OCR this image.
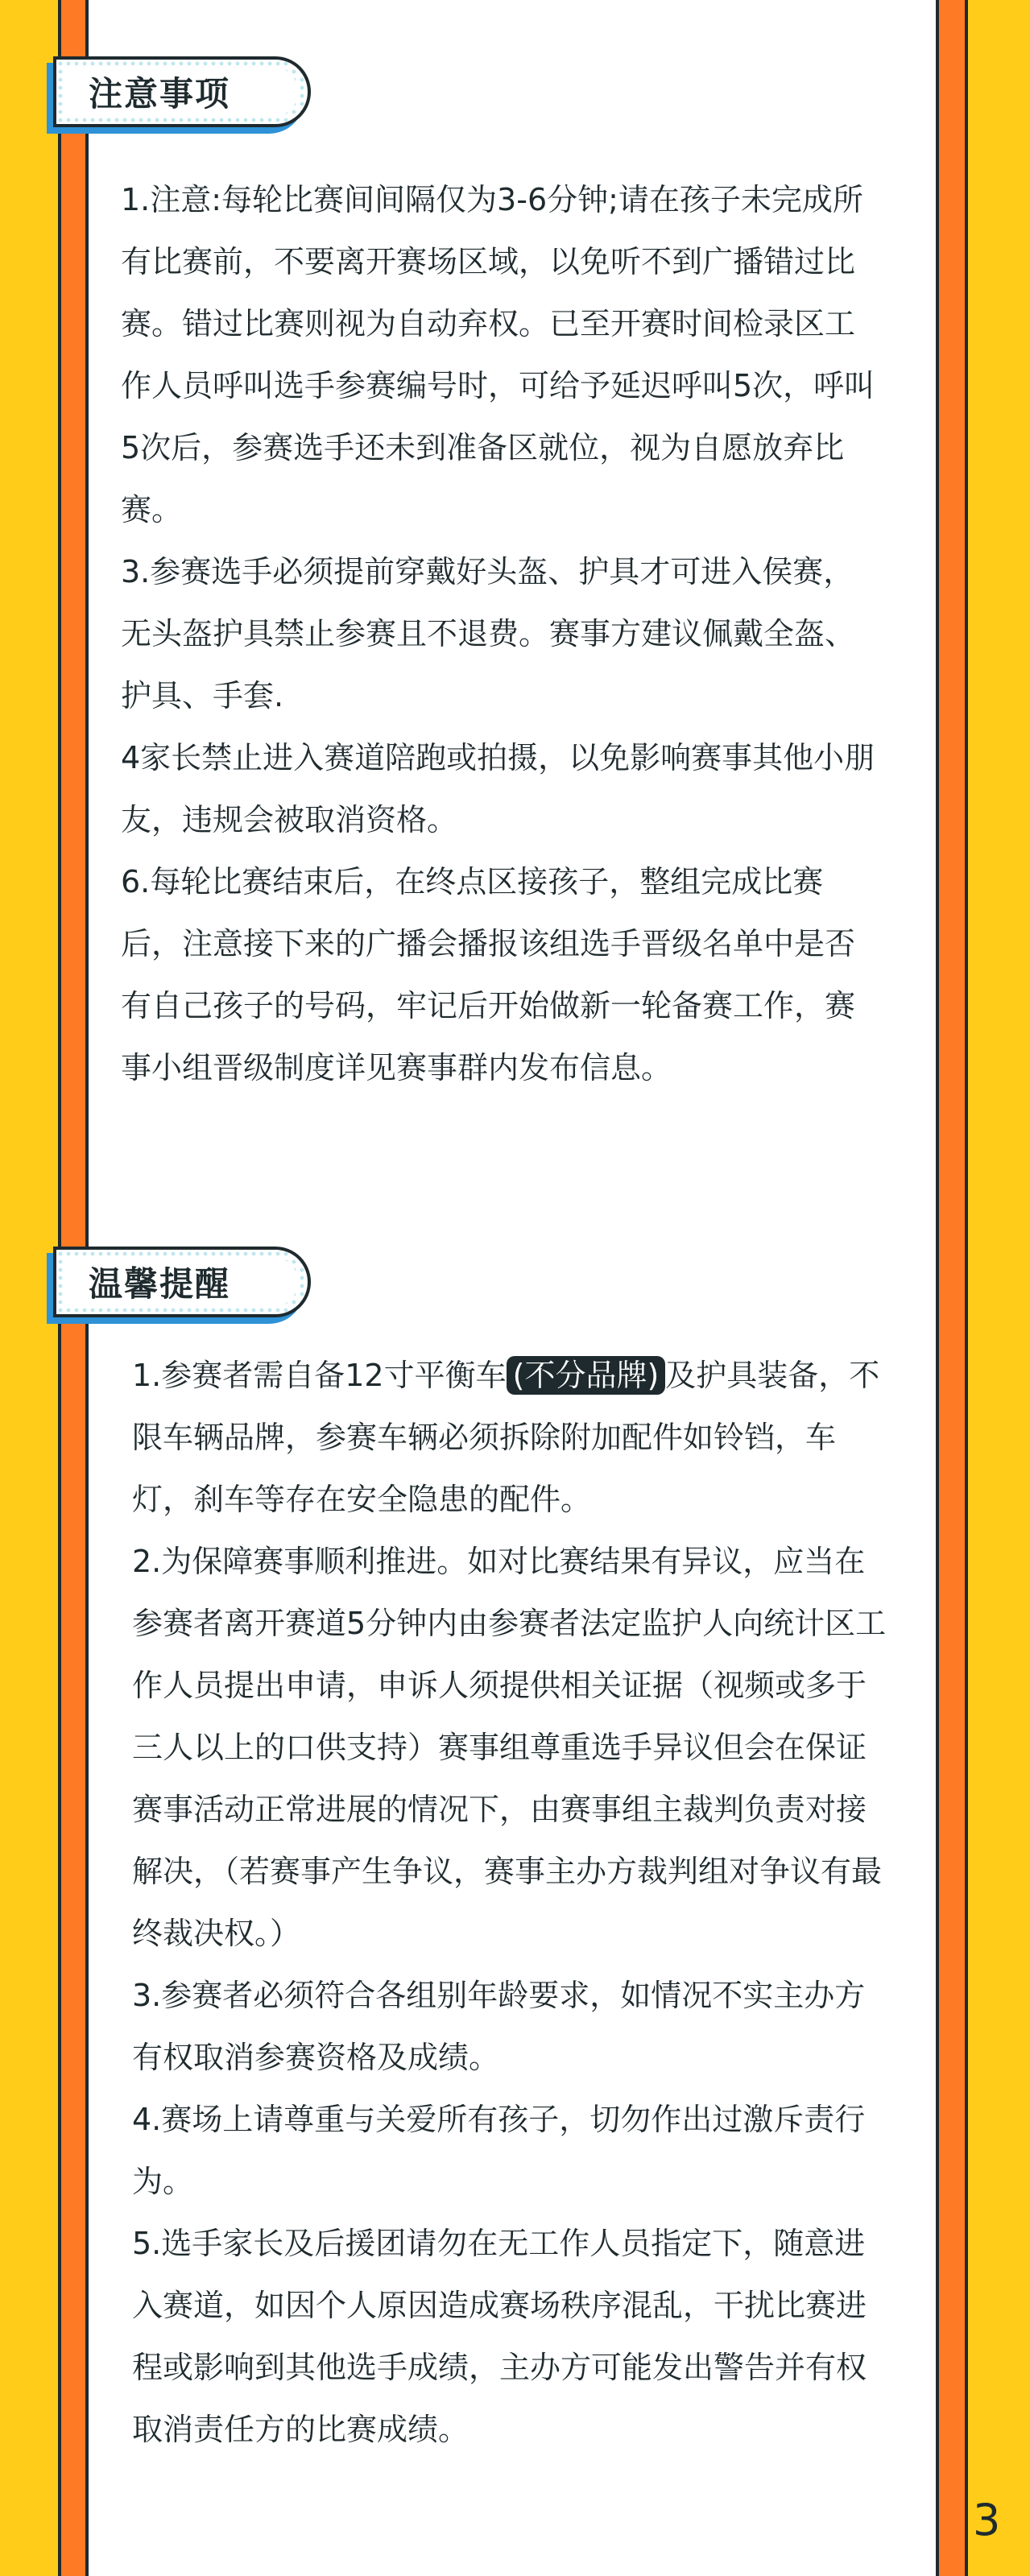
注意事项

1.注意:每轮比赛间间隔仅为3-6分钟;请在孩子未完成所有比赛前，不要离开赛场区域，以免听不到广播错过比赛。错过比赛则视为自动弃权。已至开赛时间检录区工作人员呼叫选手参赛编号时，可给予延迟呼叫5次，呼叫5次后，参赛选手还未到准备区就位，视为自愿放弃比赛。

3.参赛选手必须提前穿戴好头盔、护具才可进入侯赛，无头盔护具禁止参赛且不退费。赛事方建议佩戴全盔、护具、手套.

4家长禁止进入赛道陪跑或拍摄，以免影响赛事其他小朋友，违规会被取消资格。

6.每轮比赛结束后，在终点区接孩子，整组完成比赛后，注意接下来的广播会播报该组选手晋级名单中是否有自己孩子的号码，牢记后开始做新一轮备赛工作，赛事小组晋级制度详见赛事群内发布信息。

温馨提醒

1.参赛者需自备12寸平衡车 (不分品牌) 及护具装备，不限车辆品牌，参赛车辆必须拆除附加配件如铃铛，车灯，刹车等存在安全隐患的配件。

2.为保障赛事顺利推进。如对比赛结果有异议，应当在参赛者离开赛道5分钟内由参赛者法定监护人向统计区工作人员提出申请，申诉人须提供相关证据（视频或多于三人以上的口供支持）赛事组尊重选手异议但会在保证赛事活动正常进展的情况下，由赛事组主裁判负责对接解决，（若赛事产生争议，赛事主办方裁判组对争议有最终裁决权。）

3.参赛者必须符合各组别年龄要求，如情况不实主办方有权取消参赛资格及成绩。

4.赛场上请尊重与关爱所有孩子，切勿作出过激斥责行为。

5.选手家长及后援团请勿在无工作人员指定下，随意进入赛道，如因个人原因造成赛场秩序混乱，干扰比赛进程或影响到其他选手成绩，主办方可能发出警告并有权取消责任方的比赛成绩。

3
